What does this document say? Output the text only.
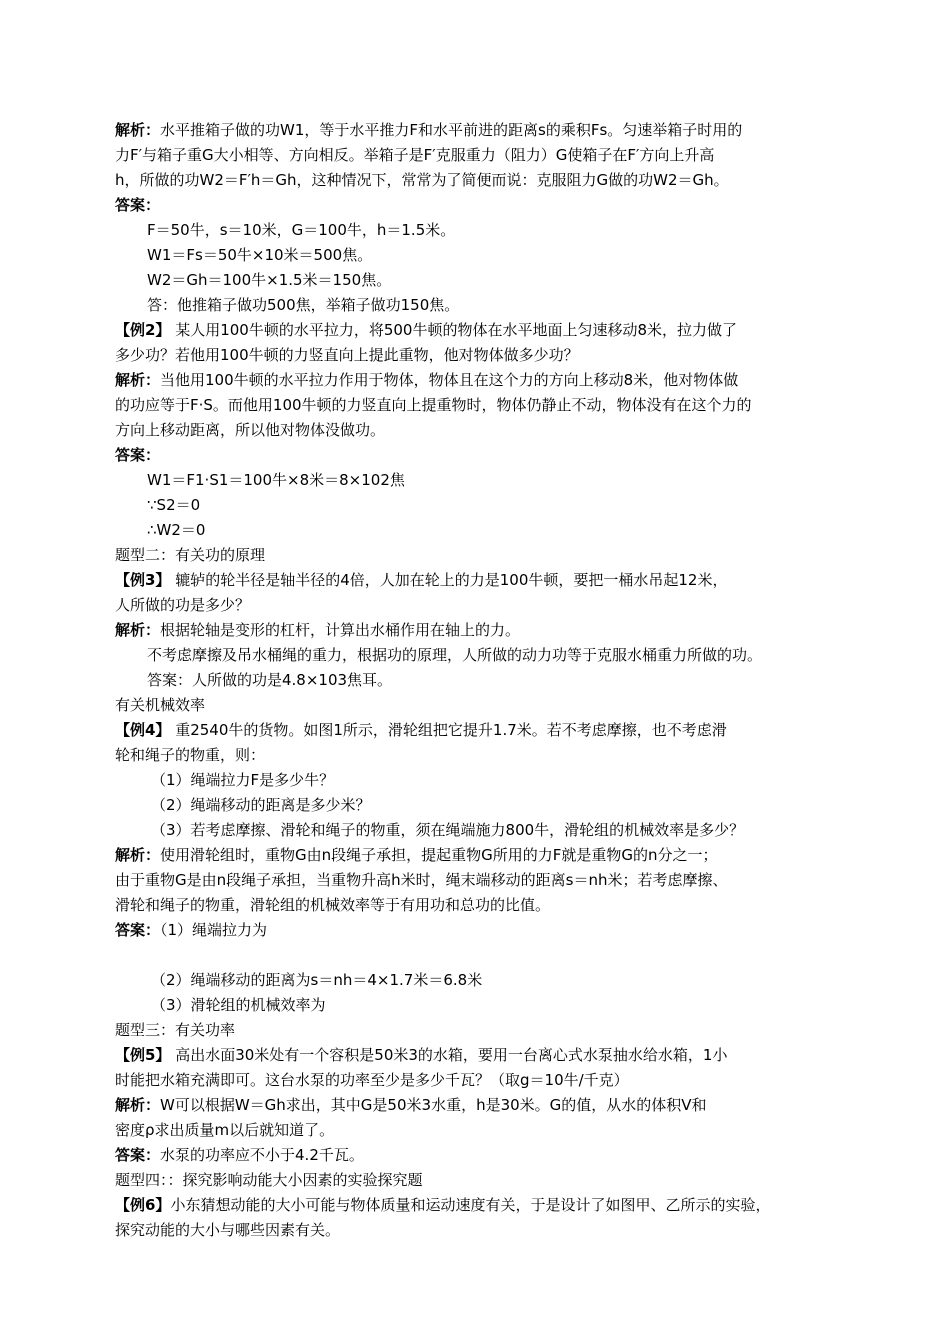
解析：水平推箱子做的功W1，等于水平推力F和水平前进的距离s的乘积Fs。匀速举箱子时用的
力F′与箱子重G大小相等、方向相反。举箱子是F′克服重力（阻力）G使箱子在F′方向上升高
h，所做的功W2＝F′h＝Gh，这种情况下，常常为了简便而说：克服阻力G做的功W2＝Gh。
答案：
F＝50牛，s＝10米，G＝100牛，h＝1.5米。
W1＝Fs＝50牛×10米＝500焦。
W2＝Gh＝100牛×1.5米＝150焦。
答：他推箱子做功500焦，举箱子做功150焦。
【例2】 某人用100牛顿的水平拉力，将500牛顿的物体在水平地面上匀速移动8米，拉力做了
多少功？若他用100牛顿的力竖直向上提此重物，他对物体做多少功？
解析：当他用100牛顿的水平拉力作用于物体，物体且在这个力的方向上移动8米，他对物体做
的功应等于F·S。而他用100牛顿的力竖直向上提重物时，物体仍静止不动，物体没有在这个力的
方向上移动距离，所以他对物体没做功。
答案：
W1＝F1·S1＝100牛×8米＝8×102焦
∵S2＝0
∴W2＝0
题型二：有关功的原理
【例3】 辘轳的轮半径是轴半径的4倍，人加在轮上的力是100牛顿，要把一桶水吊起12米，
人所做的功是多少？
解析：根据轮轴是变形的杠杆，计算出水桶作用在轴上的力。
不考虑摩擦及吊水桶绳的重力，根据功的原理，人所做的动力功等于克服水桶重力所做的功。
答案：人所做的功是4.8×103焦耳。
有关机械效率
【例4】 重2540牛的货物。如图1所示，滑轮组把它提升1.7米。若不考虑摩擦，也不考虑滑
轮和绳子的物重，则：
（1）绳端拉力F是多少牛？
（2）绳端移动的距离是多少米？
（3）若考虑摩擦、滑轮和绳子的物重，须在绳端施力800牛，滑轮组的机械效率是多少？
解析：使用滑轮组时，重物G由n段绳子承担，提起重物G所用的力F就是重物G的n分之一；
由于重物G是由n段绳子承担，当重物升高h米时，绳末端移动的距离s＝nh米；若考虑摩擦、
滑轮和绳子的物重，滑轮组的机械效率等于有用功和总功的比值。
答案：（1）绳端拉力为
（2）绳端移动的距离为s＝nh＝4×1.7米＝6.8米
（3）滑轮组的机械效率为
题型三：有关功率
【例5】 高出水面30米处有一个容积是50米3的水箱，要用一台离心式水泵抽水给水箱，1小
时能把水箱充满即可。这台水泵的功率至少是多少千瓦？（取g＝10牛/千克）
解析：W可以根据W＝Gh求出，其中G是50米3水重，h是30米。G的值，从水的体积V和
密度ρ求出质量m以后就知道了。
答案：水泵的功率应不小于4.2千瓦。
题型四：：探究影响动能大小因素的实验探究题
【例6】小东猜想动能的大小可能与物体质量和运动速度有关，于是设计了如图甲、乙所示的实验，
探究动能的大小与哪些因素有关。
